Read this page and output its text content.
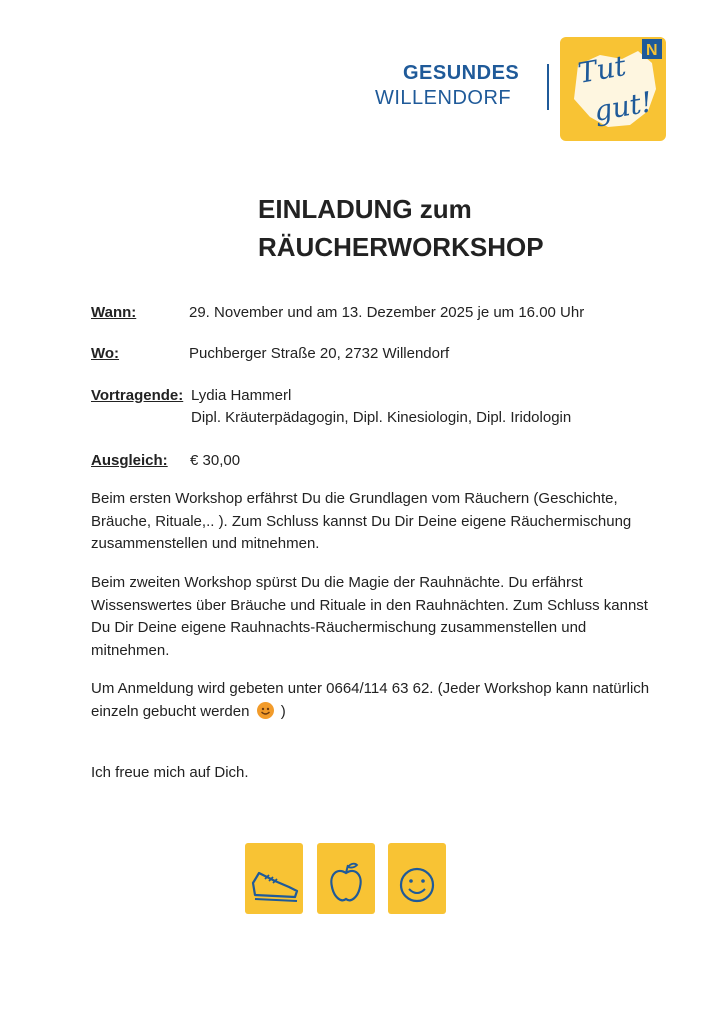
GESUNDES
WILLENDORF
N
Tut
gut!
EINLADUNG zum
RÄUCHERWORKSHOP
Wann:	29. November und am 13. Dezember 2025 je um 16.00 Uhr
Wo:	Puchberger Straße 20, 2732 Willendorf
Vortragende: Lydia Hammerl
Dipl. Kräuterpädagogin, Dipl. Kinesiologin, Dipl. Iridologin
Ausgleich: € 30,00
Beim ersten Workshop erfährst Du die Grundlagen vom Räuchern (Geschichte, Bräuche, Rituale,.. ). Zum Schluss kannst Du Dir Deine eigene Räuchermischung zusammenstellen und mitnehmen.
Beim zweiten Workshop spürst Du die Magie der Rauhnächte. Du erfährst Wissenswertes über Bräuche und Rituale in den Rauhnächten. Zum Schluss kannst Du Dir Deine eigene Rauhnachts-Räuchermischung zusammenstellen und mitnehmen.
Um Anmeldung wird gebeten unter 0664/114 63 62. (Jeder Workshop kann natürlich einzeln gebucht werden )
Ich freue mich auf Dich.
